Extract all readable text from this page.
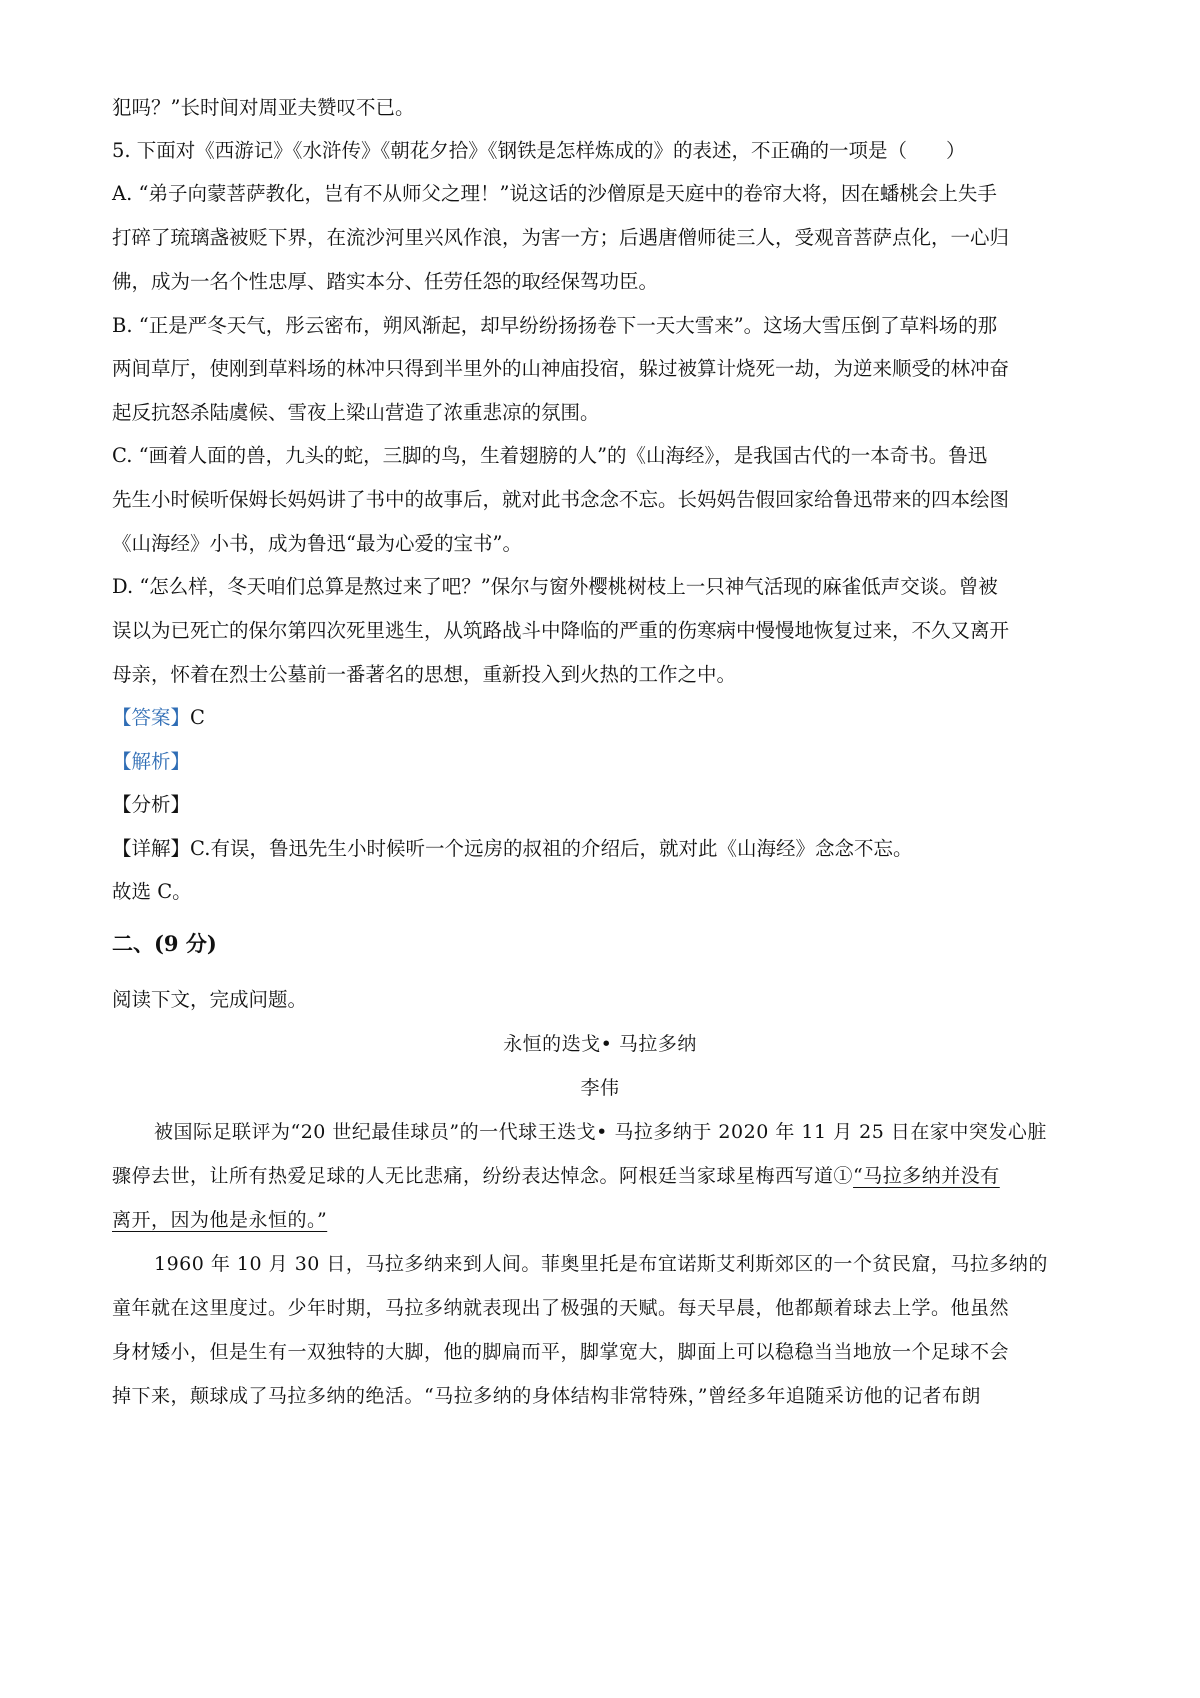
犯吗？”长时间对周亚夫赞叹不已。
5. 下面对《西游记》《水浒传》《朝花夕拾》《钢铁是怎样炼成的》的表述，不正确的一项是（　　）
A. “弟子向蒙菩萨教化，岂有不从师父之理！”说这话的沙僧原是天庭中的卷帘大将，因在蟠桃会上失手
打碎了琉璃盏被贬下界，在流沙河里兴风作浪，为害一方；后遇唐僧师徒三人，受观音菩萨点化，一心归
佛，成为一名个性忠厚、踏实本分、任劳任怨的取经保驾功臣。
B. “正是严冬天气，彤云密布，朔风渐起，却早纷纷扬扬卷下一天大雪来”。这场大雪压倒了草料场的那
两间草厅，使刚到草料场的林冲只得到半里外的山神庙投宿，躲过被算计烧死一劫，为逆来顺受的林冲奋
起反抗怒杀陆虞候、雪夜上梁山营造了浓重悲凉的氛围。
C. “画着人面的兽，九头的蛇，三脚的鸟，生着翅膀的人”的《山海经》，是我国古代的一本奇书。鲁迅
先生小时候听保姆长妈妈讲了书中的故事后，就对此书念念不忘。长妈妈告假回家给鲁迅带来的四本绘图
《山海经》小书，成为鲁迅“最为心爱的宝书”。
D. “怎么样，冬天咱们总算是熬过来了吧？”保尔与窗外樱桃树枝上一只神气活现的麻雀低声交谈。曾被
误以为已死亡的保尔第四次死里逃生，从筑路战斗中降临的严重的伤寒病中慢慢地恢复过来，不久又离开
母亲，怀着在烈士公墓前一番著名的思想，重新投入到火热的工作之中。
【答案】C
【解析】
【分析】
【详解】C.有误，鲁迅先生小时候听一个远房的叔祖的介绍后，就对此《山海经》念念不忘。
故选 C。
二、(9 分)
阅读下文，完成问题。
永恒的迭戈• 马拉多纳
李伟
被国际足联评为“20 世纪最佳球员”的一代球王迭戈• 马拉多纳于 2020 年 11 月 25 日在家中突发心脏
骤停去世，让所有热爱足球的人无比悲痛，纷纷表达悼念。阿根廷当家球星梅西写道①“马拉多纳并没有
离开，因为他是永恒的。”
1960 年 10 月 30 日，马拉多纳来到人间。菲奥里托是布宜诺斯艾利斯郊区的一个贫民窟，马拉多纳的
童年就在这里度过。少年时期，马拉多纳就表现出了极强的天赋。每天早晨，他都颠着球去上学。他虽然
身材矮小，但是生有一双独特的大脚，他的脚扁而平，脚掌宽大，脚面上可以稳稳当当地放一个足球不会
掉下来，颠球成了马拉多纳的绝活。“马拉多纳的身体结构非常特殊，”曾经多年追随采访他的记者布朗
